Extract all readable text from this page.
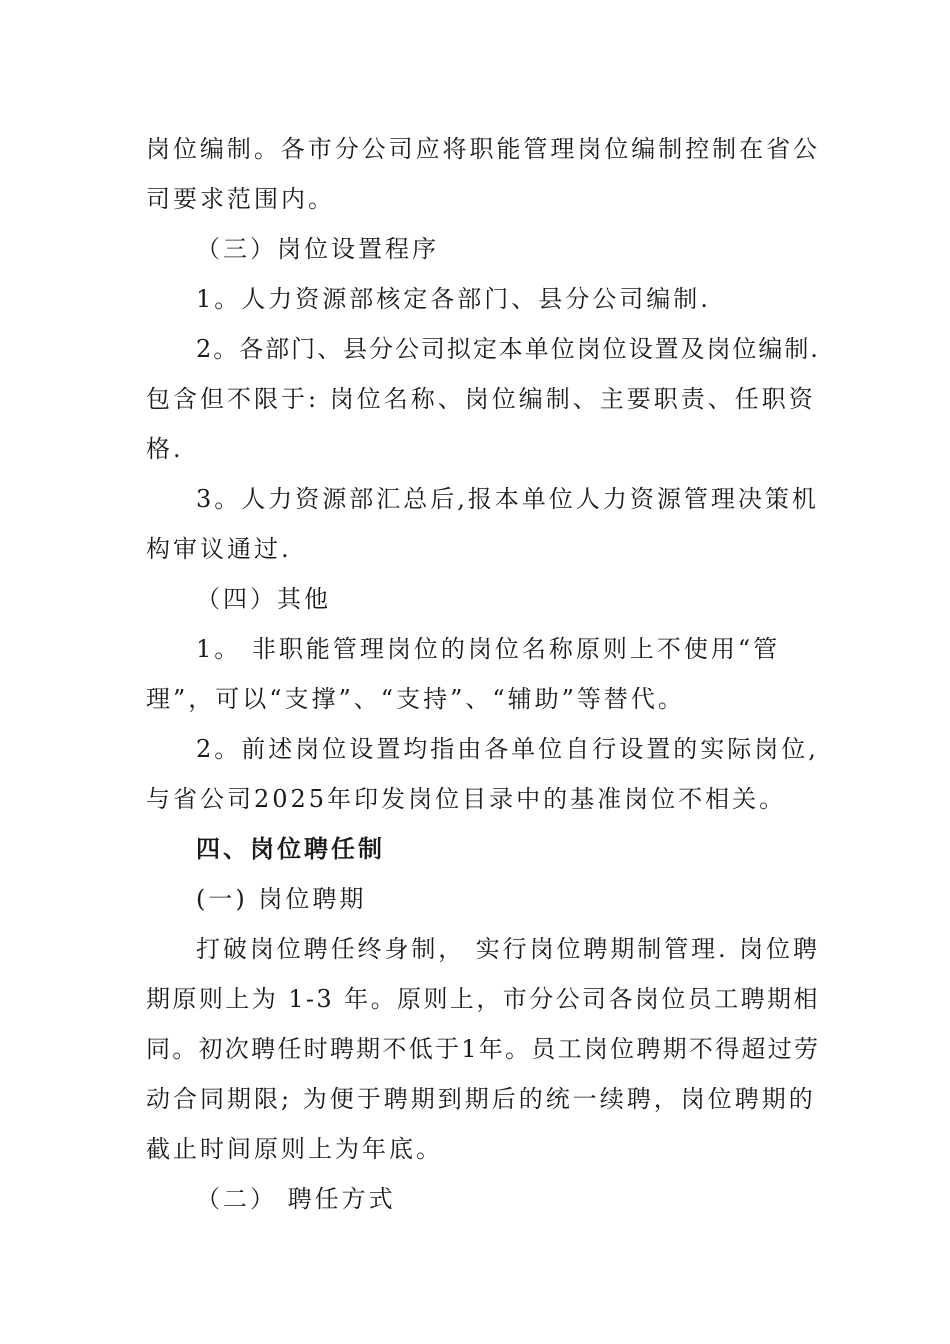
岗位编制。各市分公司应将职能管理岗位编制控制在省公
司要求范围内。
（三）岗位设置程序
1。人力资源部核定各部门、县分公司编制.
2。各部门、县分公司拟定本单位岗位设置及岗位编制.
包含但不限于: 岗位名称、岗位编制、主要职责、任职资
格.
3。人力资源部汇总后,报本单位人力资源管理决策机
构审议通过.
（四）其他
1。 非职能管理岗位的岗位名称原则上不使用“管
理”，可以“支撑”、“支持”、“辅助”等替代。
2。前述岗位设置均指由各单位自行设置的实际岗位,
与省公司2025年印发岗位目录中的基准岗位不相关。
四、岗位聘任制
(一) 岗位聘期
打破岗位聘任终身制， 实行岗位聘期制管理. 岗位聘
期原则上为 1-3 年。原则上，市分公司各岗位员工聘期相
同。初次聘任时聘期不低于1年。员工岗位聘期不得超过劳
动合同期限; 为便于聘期到期后的统一续聘，岗位聘期的
截止时间原则上为年底。
（二） 聘任方式
